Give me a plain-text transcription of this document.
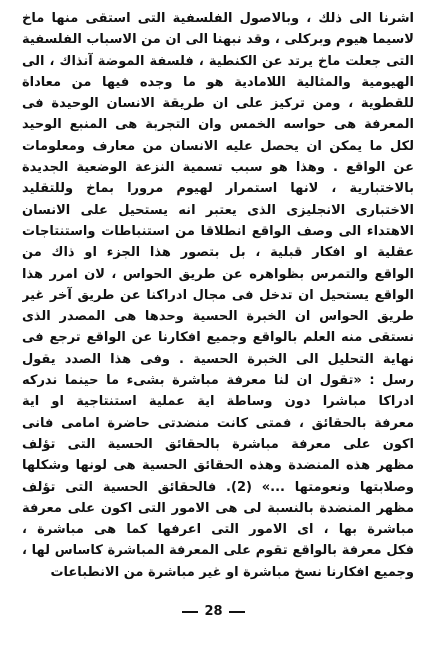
اشرنا الى ذلك ، وبالاصول الفلسفية التى استقى منها ماخ
لاسيما هيوم وبركلى ، وقد نبهنا الى ان من الاسباب الفلسفية
التى جعلت ماخ يرتد عن الكنطية ، فلسفة الموضة آنذاك ، الى
الهيومية والمثالية اللامادية هو ما وجده فيها من معاداة
للقطوية ، ومن تركيز على ان طريقة الانسان الوحيدة فى
المعرفة هى حواسه الخمس وان التجربة هى المنبع الوحيد
لكل ما يمكن ان يحصل عليه الانسان من معارف ومعلومات
عن الواقع . وهذا هو سبب تسمية النزعة الوضعية الجديدة
بالاختبارية ، لانها استمرار لهيوم مرورا بماخ وللتقليد
الاختبارى الانجليزى الذى يعتبر انه يستحيل على الانسان
الاهتداء الى وصف الواقع انطلاقا من استنباطات واستنتاجات
عقلية او افكار قبلية ، بل بتصور هذا الجزء او ذاك من
الواقع والتمرس بظواهره عن طريق الحواس ، لان امرر هذا
الواقع يستحيل ان تدخل فى مجال ادراكنا عن طريق آخر غير
طريق الحواس ان الخبرة الحسية وحدها هى المصدر الذى
نستقى منه العلم بالواقع وجميع افكارنا عن الواقع ترجع فى
نهاية التحليل الى الخبرة الحسية . وفى هذا الصدد يقول
رسل : «تقول ان لنا معرفة مباشرة بشىء ما حينما ندركه
ادراكا مباشرا دون وساطة اية عملية استنتاجية او اية
معرفة بالحقائق ، فمتى كانت منضدتى حاضرة امامى فانى
اكون على معرفة مباشرة بالحقائق الحسية التى تؤلف
مظهر هذه المنضدة وهذه الحقائق الحسية هى لونها وشكلها
وصلابتها ونعومتها ...» (2). فالحقائق الحسية التى تؤلف
مظهر المنضدة بالنسبة لى هى الامور التى اكون على معرفة
مباشرة بها ، اى الامور التى اعرفها كما هى مباشرة ،
فكل معرفة بالواقع تقوم على المعرفة المباشرة كاساس لها ،
وجميع افكارنا نسخ مباشرة او غير مباشرة من الانطباعات
28
